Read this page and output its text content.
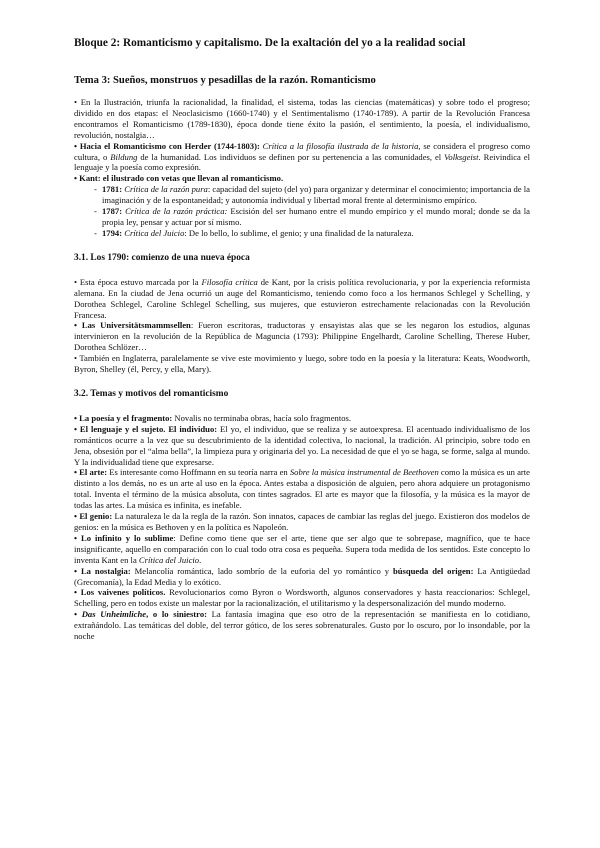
Bloque 2: Romanticismo y capitalismo. De la exaltación del yo a la realidad social
Tema 3: Sueños, monstruos y pesadillas de la razón. Romanticismo

• En la Ilustración, triunfa la racionalidad, la finalidad, el sistema, todas las ciencias (matemáticas) y sobre todo el progreso; dividido en dos etapas: el Neoclasicismo (1660-1740) y el Sentimentalismo (1740-1789). A partir de la Revolución Francesa encontramos el Romanticismo (1789-1830), época donde tiene éxito la pasión, el sentimiento, la poesía, el individualismo, revolución, nostalgia…

• Hacia el Romanticismo con Herder (1744-1803): Crítica a la filosofía ilustrada de la historia, se considera el progreso como cultura, o Bildung de la humanidad. Los individuos se definen por su pertenencia a las comunidades, el Volksgeist. Reivindica el lenguaje y la poesía como expresión.

• Kant: el ilustrado con vetas que llevan al romanticismo.

- 1781: Crítica de la razón pura: capacidad del sujeto (del yo) para organizar y determinar el conocimiento; importancia de la imaginación y de la espontaneidad; y autonomía individual y libertad moral frente al determinismo empírico.
- 1787: Crítica de la razón práctica: Escisión del ser humano entre el mundo empírico y el mundo moral; donde se da la propia ley, pensar y actuar por sí mismo.
- 1794: Crítica del Juicio: De lo bello, lo sublime, el genio; y una finalidad de la naturaleza.
3.1. Los 1790: comienzo de una nueva época

• Esta época estuvo marcada por la Filosofía crítica de Kant, por la crisis política revolucionaria, y por la experiencia reformista alemana. En la ciudad de Jena ocurrió un auge del Romanticismo, teniendo como foco a los hermanos Schlegel y Schelling, y Dorothea Schlegel, Caroline Schlegel Schelling, sus mujeres, que estuvieron estrechamente relacionadas con la Revolución Francesa.

• Las Universitätsmammsellen: Fueron escritoras, traductoras y ensayistas alas que se les negaron los estudios, algunas intervinieron en la revolución de la República de Maguncia (1793): Philippine Engelhardt, Caroline Schelling, Therese Huber, Dorothea Schlözer…

• También en Inglaterra, paralelamente se vive este movimiento y luego, sobre todo en la poesía y la literatura: Keats, Woodworth, Byron, Shelley (él, Percy, y ella, Mary).

3.2. Temas y motivos del romanticismo

• La poesía y el fragmento: Novalis no terminaba obras, hacía solo fragmentos.

• El lenguaje y el sujeto. El individuo: El yo, el individuo, que se realiza y se autoexpresa. El acentuado individualismo de los románticos ocurre a la vez que su descubrimiento de la identidad colectiva, lo nacional, la tradición. Al principio, sobre todo en Jena, obsesión por el “alma bella”, la limpieza pura y originaria del yo. La necesidad de que el yo se haga, se forme, salga al mundo. Y la individualidad tiene que expresarse.

• El arte: Es interesante como Hoffmann en su teoría narra en Sobre la música instrumental de Beethoven como la música es un arte distinto a los demás, no es un arte al uso en la época. Antes estaba a disposición de alguien, pero ahora adquiere un protagonismo total. Inventa el término de la música absoluta, con tintes sagrados. El arte es mayor que la filosofía, y la música es la mayor de todas las artes. La música es infinita, es inefable.

• El genio: La naturaleza le da la regla de la razón. Son innatos, capaces de cambiar las reglas del juego. Existieron dos modelos de genios: en la música es Bethoven y en la política es Napoleón.

• Lo infinito y lo sublime: Define como tiene que ser el arte, tiene que ser algo que te sobrepase, magnífico, que te hace insignificante, aquello en comparación con lo cual todo otra cosa es pequeña. Supera toda medida de los sentidos. Este concepto lo inventa Kant en la Crítica del Juicio.

• La nostalgia: Melancolía romántica, lado sombrío de la euforia del yo romántico y búsqueda del origen: La Antigüedad (Grecomanía), la Edad Media y lo exótico.

• Los vaivenes políticos. Revolucionarios como Byron o Wordsworth, algunos conservadores y hasta reaccionarios: Schlegel, Schelling, pero en todos existe un malestar por la racionalización, el utilitarismo y la despersonalización del mundo moderno.

• Das Unheimliche, o lo siniestro: La fantasía imagina que eso otro de la representación se manifiesta en lo cotidiano, extrañándolo. Las temáticas del doble, del terror gótico, de los seres sobrenaturales. Gusto por lo oscuro, por lo insondable, por la noche
